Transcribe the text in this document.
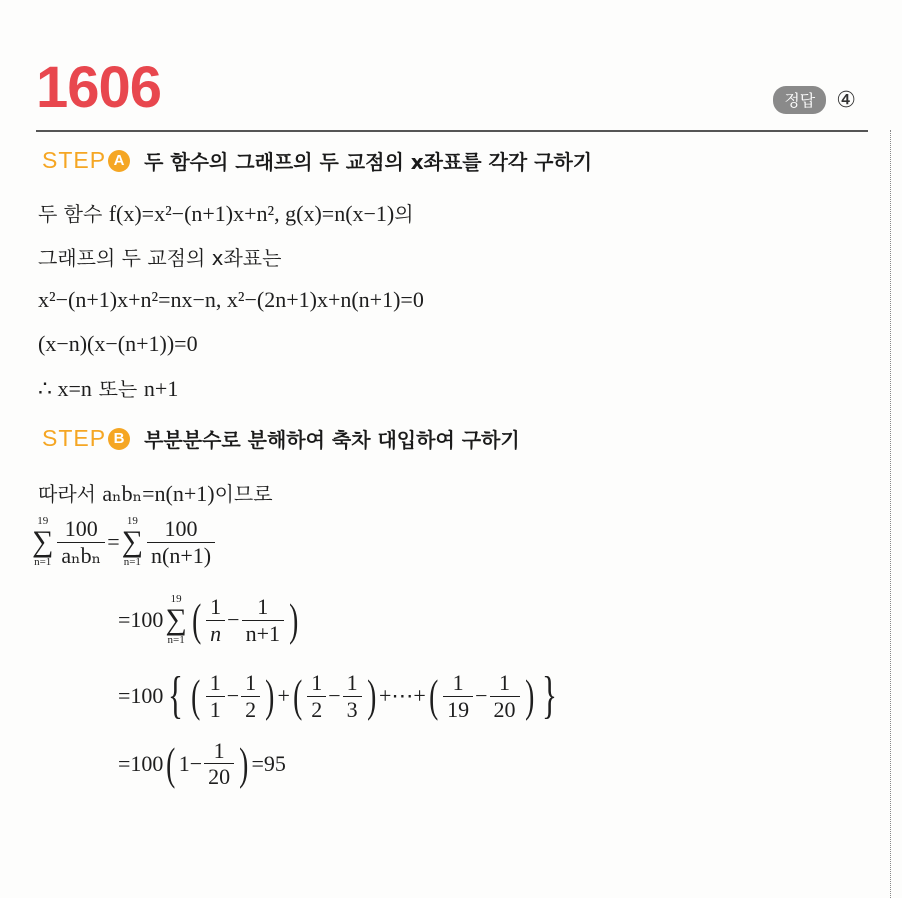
1606	정답 ④
STEP A 두 함수의 그래프의 두 교점의 x좌표를 각각 구하기
두 함수 f(x)=x²−(n+1)x+n², g(x)=n(x−1)의
그래프의 두 교점의 x좌표는
x²−(n+1)x+n²=nx−n, x²−(2n+1)x+n(n+1)=0
(x−n)(x−(n+1))=0
∴ x=n 또는 n+1
STEP B 부분분수로 분해하여 축차 대입하여 구하기
따라서 aₙbₙ=n(n+1)이므로
19
∑
$n=1 \frac{100}{\text{aₙbₙ}}$ =
19
∑
$n=1 \frac{100}{n(n+1)}$
=100
19
∑
n=1 ( $\frac{1}{n} - \frac{1}{n+1}$ )
=100 { ( $\frac{1}{1} - \frac{1}{2}$ ) + ( $\frac{1}{2} - \frac{1}{3}$ ) +⋯+ ( $\frac{1}{19} - \frac{1}{20}$ ) }
=100 ( $1- \frac{1}{20}$ ) =95
